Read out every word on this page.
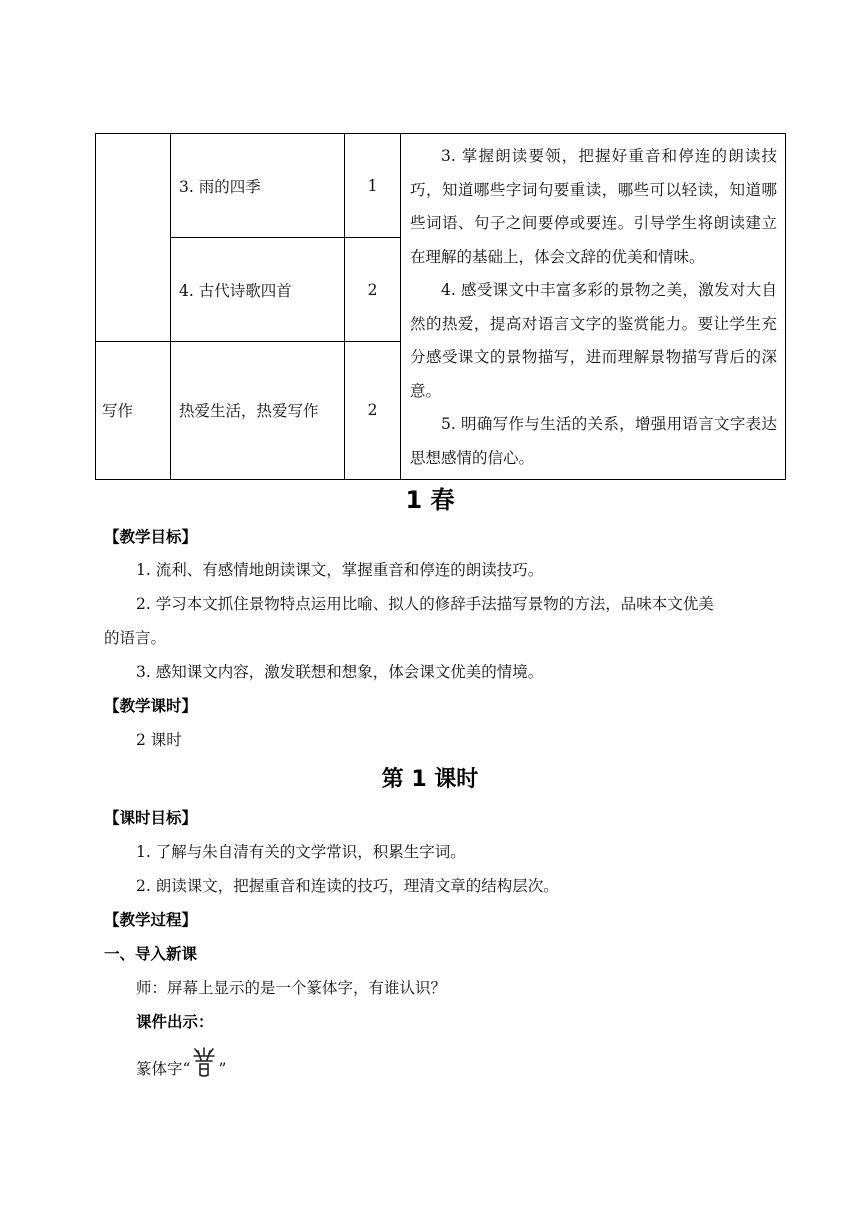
	3. 雨的四季	1	3. 掌握朗读要领，把握好重音和停连的朗读技巧，知道哪些字词句要重读，哪些可以轻读，知道哪些词语、句子之间要停或要连。引导学生将朗读建立在理解的基础上，体会文辞的优美和情味。

4. 感受课文中丰富多彩的景物之美，激发对大自然的热爱，提高对语言文字的鉴赏能力。要让学生充分感受课文的景物描写，进而理解景物描写背后的深意。

5. 明确写作与生活的关系，增强用语言文字表达思想感情的信心。

	4. 古代诗歌四首	2	
写作	热爱生活，热爱写作	2	
1 春
【教学目标】
1. 流利、有感情地朗读课文，掌握重音和停连的朗读技巧。
2. 学习本文抓住景物特点运用比喻、拟人的修辞手法描写景物的方法，品味本文优美
的语言。
3. 感知课文内容，激发联想和想象，体会课文优美的情境。
【教学课时】
2 课时
第 1 课时
【课时目标】
1. 了解与朱自清有关的文学常识，积累生字词。
2. 朗读课文，把握重音和连读的技巧，理清文章的结构层次。
【教学过程】
一、导入新课
师：屏幕上显示的是一个篆体字，有谁认识？
课件出示：
篆体字“ ”
